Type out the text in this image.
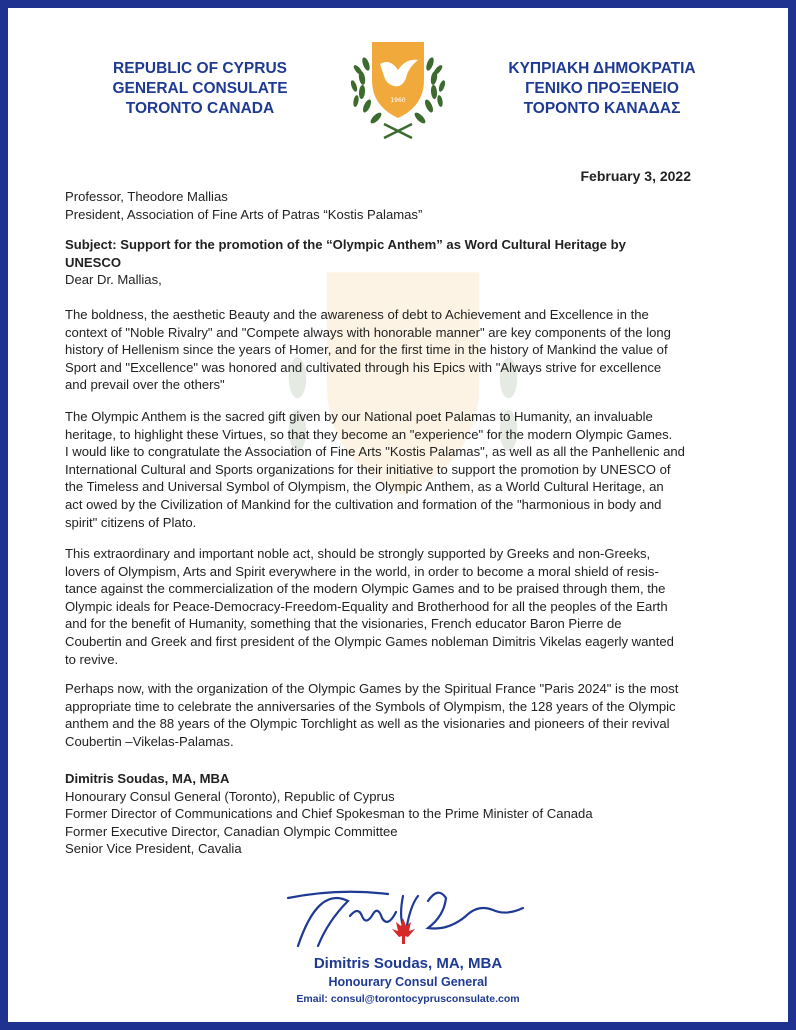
REPUBLIC OF CYPRUS
GENERAL CONSULATE
TORONTO CANADA	1960
ΚΥΠΡΙΑΚΗ ΔΗΜΟΚΡΑΤΙΑ
ΓΕΝΙΚΟ ΠΡΟΞΕΝΕΙΟ
ΤΟΡΟΝΤΟ ΚΑΝΑΔΑΣ
February 3, 2022
Professor, Theodore Mallias
President, Association of Fine Arts of Patras “Kostis Palamas”
Subject: Support for the promotion of the “Olympic Anthem” as Word Cultural Heritage by
UNESCO
Dear Dr. Mallias,
The boldness, the aesthetic Beauty and the awareness of debt to Achievement and Excellence in the
context of "Noble Rivalry" and "Compete always with honorable manner" are key components of the long
history of Hellenism since the years of Homer, and for the first time in the history of Mankind the value of
Sport and "Excellence" was honored and cultivated through his Epics with "Always strive for excellence
and prevail over the others"
The Olympic Anthem is the sacred gift given by our National poet Palamas to Humanity, an invaluable
heritage, to highlight these Virtues, so that they become an "experience" for the modern Olympic Games.
I would like to congratulate the Association of Fine Arts "Kostis Palamas", as well as all the Panhellenic and
International Cultural and Sports organizations for their initiative to support the promotion by UNESCO of
the Timeless and Universal Symbol of Olympism, the Olympic Anthem, as a World Cultural Heritage, an
act owed by the Civilization of Mankind for the cultivation and formation of the "harmonious in body and
spirit" citizens of Plato.
This extraordinary and important noble act, should be strongly supported by Greeks and non-Greeks,
lovers of Olympism, Arts and Spirit everywhere in the world, in order to become a moral shield of resis-
tance against the commercialization of the modern Olympic Games and to be praised through them, the
Olympic ideals for Peace-Democracy-Freedom-Equality and Brotherhood for all the peoples of the Earth
and for the benefit of Humanity, something that the visionaries, French educator Baron Pierre de
Coubertin and Greek and first president of the Olympic Games nobleman Dimitris Vikelas eagerly wanted
to revive.
Perhaps now, with the organization of the Olympic Games by the Spiritual France "Paris 2024" is the most
appropriate time to celebrate the anniversaries of the Symbols of Olympism, the 128 years of the Olympic
anthem and the 88 years of the Olympic Torchlight as well as the visionaries and pioneers of their revival
Coubertin –Vikelas-Palamas.
Dimitris Soudas, MA, MBA
Honourary Consul General (Toronto), Republic of Cyprus
Former Director of Communications and Chief Spokesman to the Prime Minister of Canada
Former Executive Director, Canadian Olympic Committee
Senior Vice President, Cavalia
Dimitris Soudas, MA, MBA
Honourary Consul General
Email: consul@torontocyprusconsulate.com
